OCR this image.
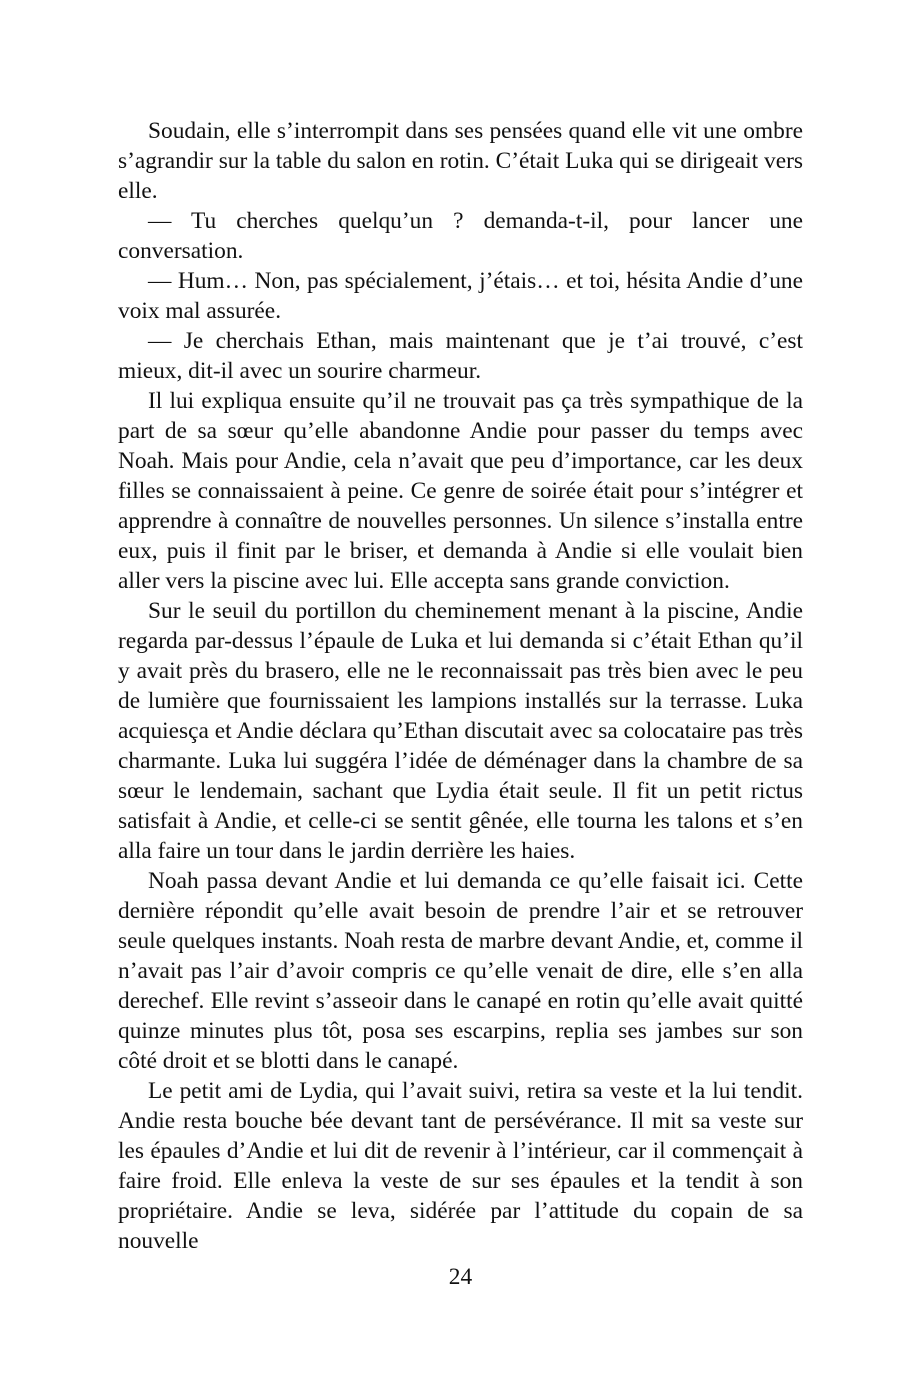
Soudain, elle s’interrompit dans ses pensées quand elle vit une ombre s’agrandir sur la table du salon en rotin. C’était Luka qui se dirigeait vers elle.

— Tu cherches quelqu’un ? demanda-t-il, pour lancer une conversation.

— Hum… Non, pas spécialement, j’étais… et toi, hésita Andie d’une voix mal assurée.

— Je cherchais Ethan, mais maintenant que je t’ai trouvé, c’est mieux, dit-il avec un sourire charmeur.

Il lui expliqua ensuite qu’il ne trouvait pas ça très sympathique de la part de sa sœur qu’elle abandonne Andie pour passer du temps avec Noah. Mais pour Andie, cela n’avait que peu d’importance, car les deux filles se connaissaient à peine. Ce genre de soirée était pour s’intégrer et apprendre à connaître de nouvelles personnes. Un silence s’installa entre eux, puis il finit par le briser, et demanda à Andie si elle voulait bien aller vers la piscine avec lui. Elle accepta sans grande conviction.

Sur le seuil du portillon du cheminement menant à la piscine, Andie regarda par-dessus l’épaule de Luka et lui demanda si c’était Ethan qu’il y avait près du brasero, elle ne le reconnaissait pas très bien avec le peu de lumière que fournissaient les lampions installés sur la terrasse. Luka acquiesça et Andie déclara qu’Ethan discutait avec sa colocataire pas très charmante. Luka lui suggéra l’idée de déménager dans la chambre de sa sœur le lendemain, sachant que Lydia était seule. Il fit un petit rictus satisfait à Andie, et celle-ci se sentit gênée, elle tourna les talons et s’en alla faire un tour dans le jardin derrière les haies.

Noah passa devant Andie et lui demanda ce qu’elle faisait ici. Cette dernière répondit qu’elle avait besoin de prendre l’air et se retrouver seule quelques instants. Noah resta de marbre devant Andie, et, comme il n’avait pas l’air d’avoir compris ce qu’elle venait de dire, elle s’en alla derechef. Elle revint s’asseoir dans le canapé en rotin qu’elle avait quitté quinze minutes plus tôt, posa ses escarpins, replia ses jambes sur son côté droit et se blotti dans le canapé.

Le petit ami de Lydia, qui l’avait suivi, retira sa veste et la lui tendit. Andie resta bouche bée devant tant de persévérance. Il mit sa veste sur les épaules d’Andie et lui dit de revenir à l’intérieur, car il commençait à faire froid. Elle enleva la veste de sur ses épaules et la tendit à son propriétaire. Andie se leva, sidérée par l’attitude du copain de sa nouvelle

24
